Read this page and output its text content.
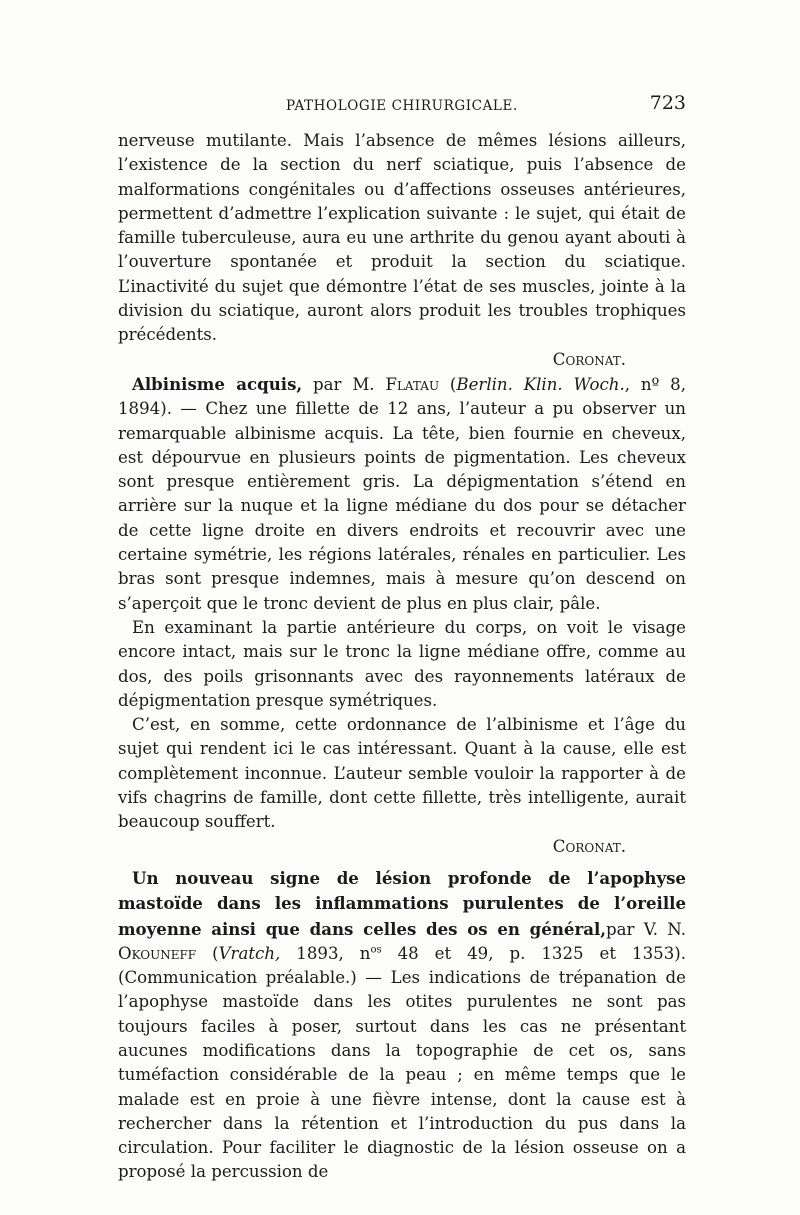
PATHOLOGIE CHIRURGICALE.	723

nerveuse mutilante. Mais l’absence de mêmes lésions ailleurs, l’existence de la section du nerf sciatique, puis l’absence de malformations congénitales ou d’affections osseuses antérieures, permettent d’admettre l’explication suivante : le sujet, qui était de famille tuberculeuse, aura eu une arthrite du genou ayant abouti à l’ouverture spontanée et produit la section du sciatique. L’inactivité du sujet que démontre l’état de ses muscles, jointe à la division du sciatique, auront alors produit les troubles trophiques précédents.

Coronat.

Albinisme acquis, par M. Flatau (Berlin. Klin. Woch., nº 8, 1894). — Chez une fillette de 12 ans, l’auteur a pu observer un remarquable albinisme acquis. La tête, bien fournie en cheveux, est dépourvue en plusieurs points de pigmentation. Les cheveux sont presque entièrement gris. La dépigmentation s’étend en arrière sur la nuque et la ligne médiane du dos pour se détacher de cette ligne droite en divers endroits et recouvrir avec une certaine symétrie, les régions latérales, rénales en particulier. Les bras sont presque indemnes, mais à mesure qu’on descend on s’aperçoit que le tronc devient de plus en plus clair, pâle.

En examinant la partie antérieure du corps, on voit le visage encore intact, mais sur le tronc la ligne médiane offre, comme au dos, des poils grisonnants avec des rayonnements latéraux de dépigmentation presque symétriques.

C’est, en somme, cette ordonnance de l’albinisme et l’âge du sujet qui rendent ici le cas intéressant. Quant à la cause, elle est complètement inconnue. L’auteur semble vouloir la rapporter à de vifs chagrins de famille, dont cette fillette, très intelligente, aurait beaucoup souffert.

Coronat.

Un nouveau signe de lésion profonde de l’apophyse mastoïde dans les inflammations purulentes de l’oreille moyenne ainsi que dans celles des os en général,par V. N. Okouneff (Vratch, 1893, $n^{os}$ 48 et 49, p. 1325 et 1353). (Communication préalable.) — Les indications de trépanation de l’apophyse mastoïde dans les otites purulentes ne sont pas toujours faciles à poser, surtout dans les cas ne présentant aucunes modifications dans la topographie de cet os, sans tuméfaction considérable de la peau ; en même temps que le malade est en proie à une fièvre intense, dont la cause est à rechercher dans la rétention et l’introduction du pus dans la circulation. Pour faciliter le diagnostic de la lésion osseuse on a proposé la percussion de
